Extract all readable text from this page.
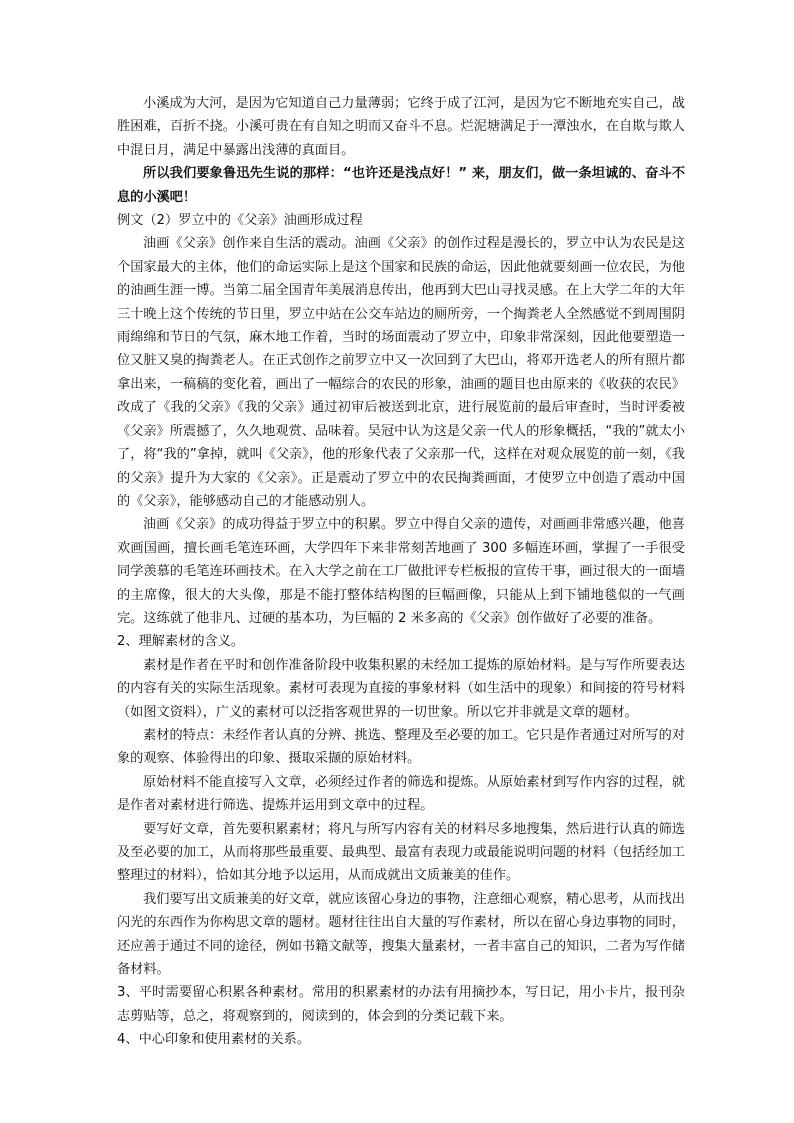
小溪成为大河，是因为它知道自己力量薄弱；它终于成了江河，是因为它不断地充实自己，战胜困难，百折不挠。小溪可贵在有自知之明而又奋斗不息。烂泥塘满足于一潭浊水，在自欺与欺人中混日月，满足中暴露出浅薄的真面目。

所以我们要象鲁迅先生说的那样：“也许还是浅点好！” 来，朋友们，做一条坦诚的、奋斗不息的小溪吧！

例文（2）罗立中的《父亲》油画形成过程

油画《父亲》创作来自生活的震动。油画《父亲》的创作过程是漫长的，罗立中认为农民是这个国家最大的主体，他们的命运实际上是这个国家和民族的命运，因此他就要刻画一位农民，为他的油画生涯一博。当第二届全国青年美展消息传出，他再到大巴山寻找灵感。在上大学二年的大年三十晚上这个传统的节日里，罗立中站在公交车站边的厕所旁，一个掏粪老人全然感觉不到周围阴雨绵绵和节日的气氛，麻木地工作着，当时的场面震动了罗立中，印象非常深刻，因此他要塑造一位又脏又臭的掏粪老人。在正式创作之前罗立中又一次回到了大巴山，将邓开选老人的所有照片都拿出来，一稿稿的变化着，画出了一幅综合的农民的形象，油画的题目也由原来的《收获的农民》改成了《我的父亲》《我的父亲》通过初审后被送到北京，进行展览前的最后审查时，当时评委被《父亲》所震撼了，久久地观赏、品味着。吴冠中认为这是父亲一代人的形象概括，“我的”就太小了，将“我的”拿掉，就叫《父亲》，他的形象代表了父亲那一代，这样在对观众展览的前一刻，《我的父亲》提升为大家的《父亲》。正是震动了罗立中的农民掏粪画面，才使罗立中创造了震动中国的《父亲》，能够感动自己的才能感动别人。

油画《父亲》的成功得益于罗立中的积累。罗立中得自父亲的遗传，对画画非常感兴趣，他喜欢画国画，擅长画毛笔连环画，大学四年下来非常刻苦地画了 300 多幅连环画，掌握了一手很受同学羡慕的毛笔连环画技术。在入大学之前在工厂做批评专栏板报的宣传干事，画过很大的一面墙的主席像，很大的大头像，那是不能打整体结构图的巨幅画像，只能从上到下铺地毯似的一气画完。这练就了他非凡、过硬的基本功，为巨幅的 2 米多高的《父亲》创作做好了必要的准备。

2、理解素材的含义。

素材是作者在平时和创作准备阶段中收集积累的未经加工提炼的原始材料。是与写作所要表达的内容有关的实际生活现象。素材可表现为直接的事象材料（如生活中的现象）和间接的符号材料（如图文资料），广义的素材可以泛指客观世界的一切世象。所以它并非就是文章的题材。

素材的特点：未经作者认真的分辨、挑选、整理及至必要的加工。它只是作者通过对所写的对象的观察、体验得出的印象、摄取采撷的原始材料。

原始材料不能直接写入文章，必须经过作者的筛选和提炼。从原始素材到写作内容的过程，就是作者对素材进行筛选、提炼并运用到文章中的过程。

要写好文章，首先要积累素材；将凡与所写内容有关的材料尽多地搜集，然后进行认真的筛选及至必要的加工，从而将那些最重要、最典型、最富有表现力或最能说明问题的材料（包括经加工整理过的材料），恰如其分地予以运用，从而成就出文质兼美的佳作。

我们要写出文质兼美的好文章，就应该留心身边的事物，注意细心观察，精心思考，从而找出闪光的东西作为你构思文章的题材。题材往往出自大量的写作素材，所以在留心身边事物的同时，还应善于通过不同的途径，例如书籍文献等，搜集大量素材，一者丰富自己的知识，二者为写作储备材料。

3、平时需要留心积累各种素材。常用的积累素材的办法有用摘抄本，写日记，用小卡片，报刊杂志剪贴等，总之，将观察到的，阅读到的，体会到的分类记载下来。

4、中心印象和使用素材的关系。
